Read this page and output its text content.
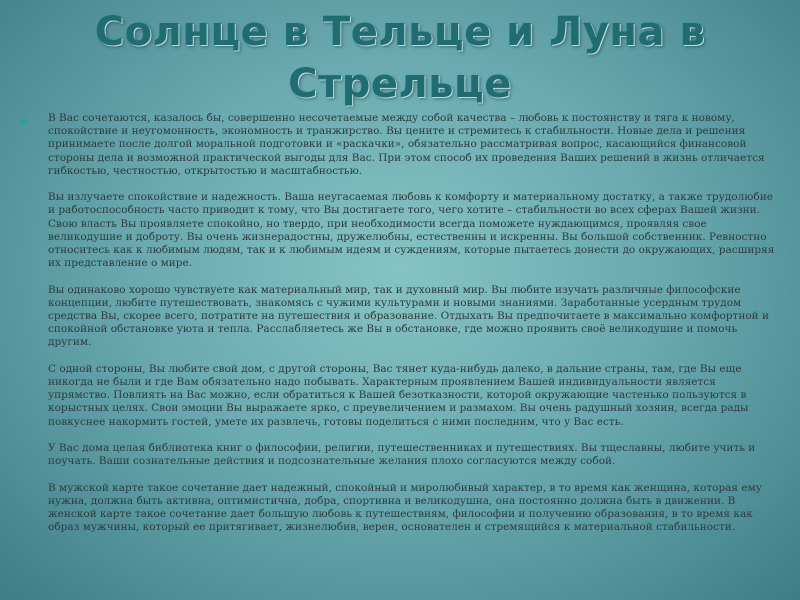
Солнце в Тельце и Луна в Стрельце

В Вас сочетаются, казалось бы, совершенно несочетаемые между собой качества – любовь к постоянству и тяга к новому, спокойствие и неугомонность, экономность и транжирство. Вы цените и стремитесь к стабильности. Новые дела и решения принимаете после долгой моральной подготовки и «раскачки», обязательно рассматривая вопрос, касающийся финансовой стороны дела и возможной практической выгоды для Вас. При этом способ их проведения Ваших решений в жизнь отличается гибкостью, честностью, открытостью и масштабностью.

Вы излучаете спокойствие и надежность. Ваша неугасаемая любовь к комфорту и материальному достатку, а также трудолюбие и работоспособность часто приводит к тому, что Вы достигаете того, чего хотите – стабильности во всех сферах Вашей жизни. Свою власть Вы проявляете спокойно, но твердо, при необходимости всегда поможете нуждающимся, проявляя свое великодушие и доброту. Вы очень жизнерадостны, дружелюбны, естественны и искренны. Вы большой собственник. Ревностно относитесь как к любимым людям, так и к любимым идеям и суждениям, которые пытаетесь донести до окружающих, расширяя их представление о мире.

Вы одинаково хорошо чувствуете как материальный мир, так и духовный мир. Вы любите изучать различные философские концепции, любите путешествовать, знакомясь с чужими культурами и новыми знаниями. Заработанные усердным трудом средства Вы, скорее всего, потратите на путешествия и образование. Отдыхать Вы предпочитаете в максимально комфортной и спокойной обстановке уюта и тепла. Расслабляетесь же Вы в обстановке, где можно проявить своё великодушие и помочь другим.

С одной стороны, Вы любите свой дом, с другой стороны, Вас тянет куда-нибудь далеко, в дальние страны, там, где Вы еще никогда не были и где Вам обязательно надо побывать. Характерным проявлением Вашей индивидуальности является упрямство. Повлиять на Вас можно, если обратиться к Вашей безотказности, которой окружающие частенько пользуются в корыстных целях. Свои эмоции Вы выражаете ярко, с преувеличением и размахом. Вы очень радушный хозяин, всегда рады повкуснее накормить гостей, умете их развлечь, готовы поделиться с ними последним, что у Вас есть.

У Вас дома целая библиотека книг о философии, религии, путешественниках и путешествиях. Вы тщеславны, любите учить и поучать. Ваши сознательные действия и подсознательные желания плохо согласуются между собой.

В мужской карте такое сочетание дает надежный, спокойный и миролюбивый характер, в то время как женщина, которая ему нужна, должна быть активна, оптимистична, добра, спортивна и великодушна, она постоянно должна быть в движении. В женской карте такое сочетание дает большую любовь к путешествиям, философии и получению образования, в то время как образ мужчины, который ее притягивает, жизнелюбив, верен, основателен и стремящийся к материальной стабильности.
